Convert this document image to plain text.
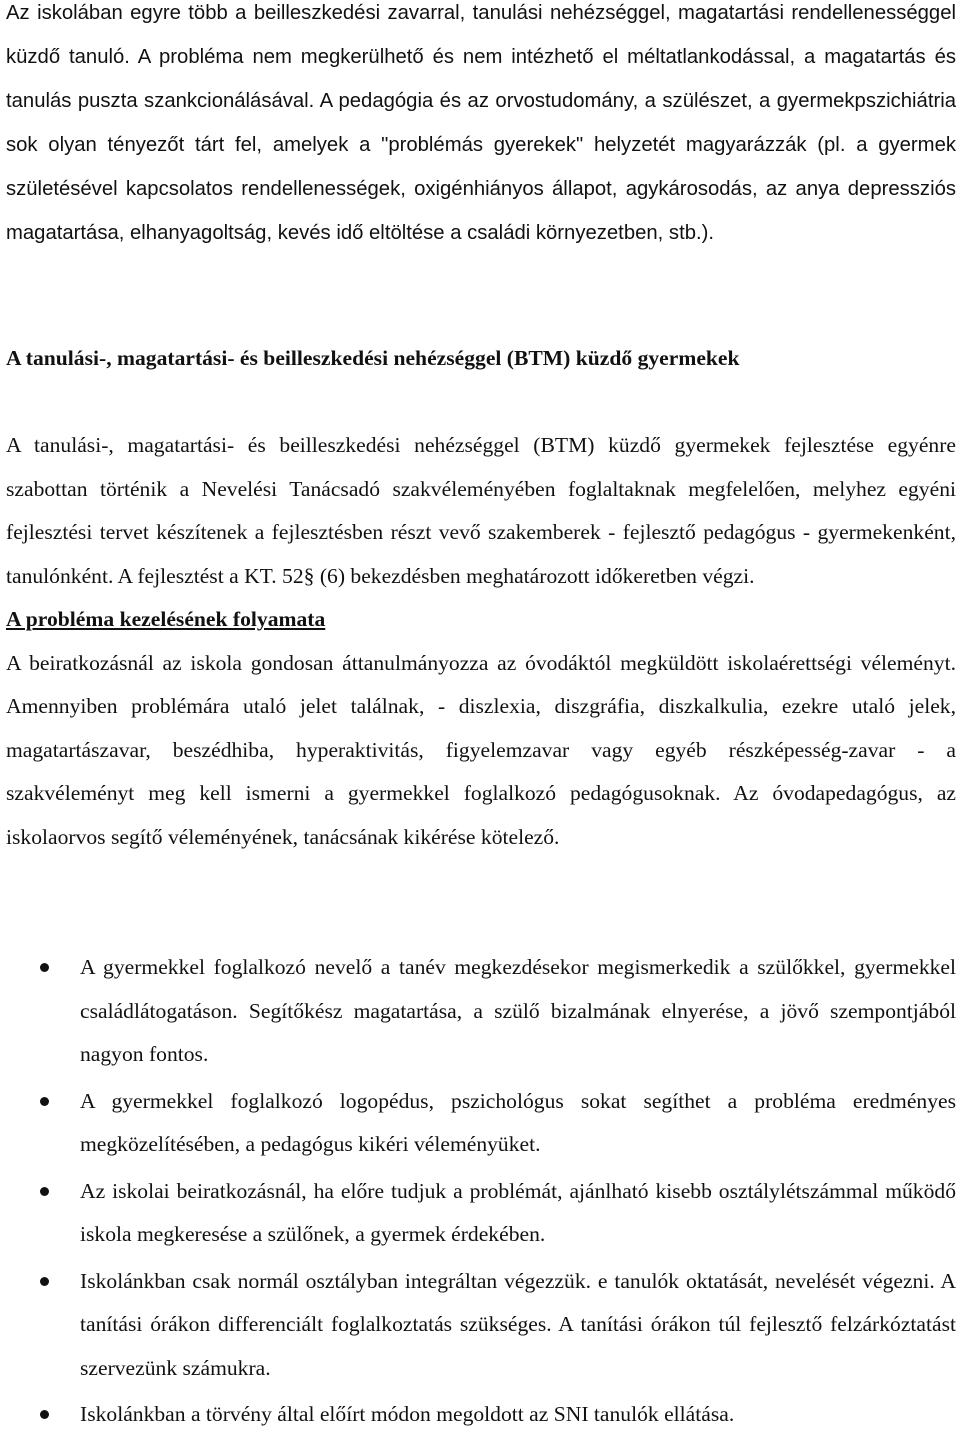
Az iskolában egyre több a beilleszkedési zavarral, tanulási nehézséggel, magatartási rendellenességgel küzdő tanuló. A probléma nem megkerülhető és nem intézhető el méltatlankodással, a magatartás és tanulás puszta szankcionálásával. A pedagógia és az orvostudomány, a szülészet, a gyermekpszichiátria sok olyan tényezőt tárt fel, amelyek a "problémás gyerekek" helyzetét magyarázzák (pl. a gyermek születésével kapcsolatos rendellenességek, oxigénhiányos állapot, agykárosodás, az anya depressziós magatartása, elhanyagoltság, kevés idő eltöltése a családi környezetben, stb.).

A tanulási-, magatartási- és beilleszkedési nehézséggel (BTM) küzdő gyermekek

A tanulási-, magatartási- és beilleszkedési nehézséggel (BTM) küzdő gyermekek fejlesztése egyénre szabottan történik a Nevelési Tanácsadó szakvéleményében foglaltaknak megfelelően, melyhez egyéni fejlesztési tervet készítenek a fejlesztésben részt vevő szakemberek - fejlesztő pedagógus - gyermekenként, tanulónként. A fejlesztést a KT. 52§ (6) bekezdésben meghatározott időkeretben végzi.

A probléma kezelésének folyamata

A beiratkozásnál az iskola gondosan áttanulmányozza az óvodáktól megküldött iskolaérettségi véleményt. Amennyiben problémára utaló jelet találnak, - diszlexia, diszgráfia, diszkalkulia, ezekre utaló jelek, magatartászavar, beszédhiba, hyperaktivitás, figyelemzavar vagy egyéb részképesség-zavar - a szakvéleményt meg kell ismerni a gyermekkel foglalkozó pedagógusoknak. Az óvodapedagógus, az iskolaorvos segítő véleményének, tanácsának kikérése kötelező.

A gyermekkel foglalkozó nevelő a tanév megkezdésekor megismerkedik a szülőkkel, gyermekkel családlátogatáson. Segítőkész magatartása, a szülő bizalmának elnyerése, a jövő szempontjából nagyon fontos.

A gyermekkel foglalkozó logopédus, pszichológus sokat segíthet a probléma eredményes megközelítésében, a pedagógus kikéri véleményüket.

Az iskolai beiratkozásnál, ha előre tudjuk a problémát, ajánlható kisebb osztálylétszámmal működő iskola megkeresése a szülőnek, a gyermek érdekében.

Iskolánkban csak normál osztályban integráltan végezzük. e tanulók oktatását, nevelését végezni. A tanítási órákon differenciált foglalkoztatás szükséges. A tanítási órákon túl fejlesztő felzárkóztatást szervezünk számukra.

Iskolánkban a törvény által előírt módon megoldott az SNI tanulók ellátása.
